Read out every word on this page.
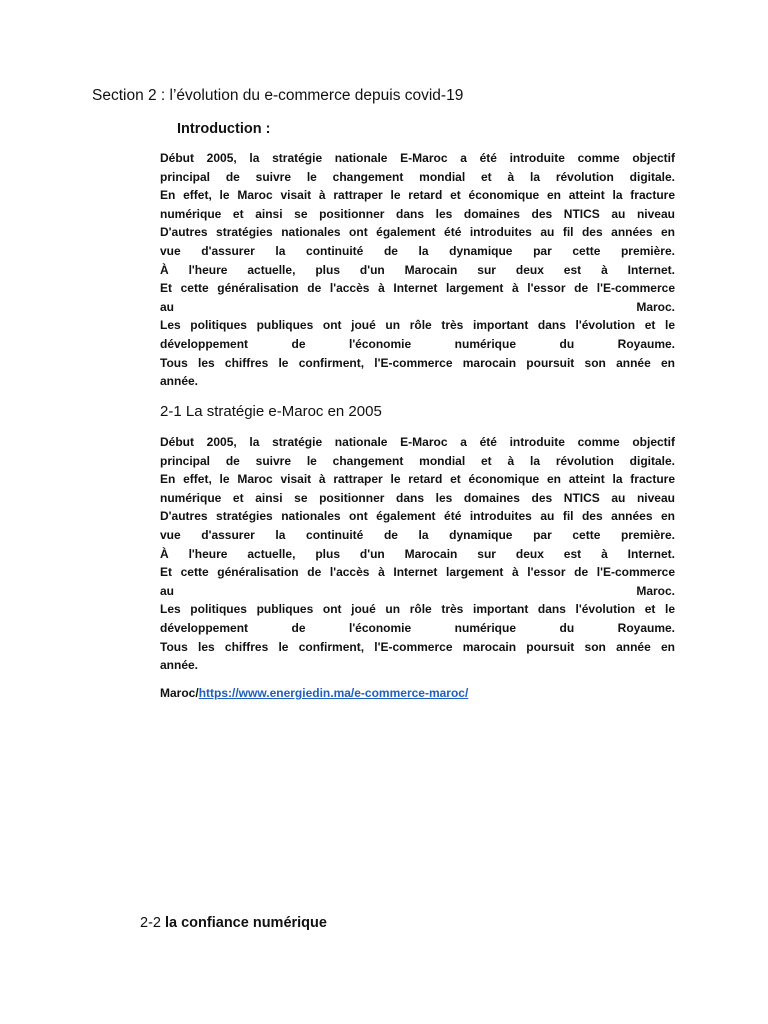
Section 2 : l’évolution du e-commerce depuis covid-19
Introduction :

Début 2005, la stratégie nationale E-Maroc a été introduite comme objectif

principal de suivre le changement mondial et à la révolution digitale.

En effet, le Maroc visait à rattraper le retard et économique en atteint la fracture

numérique et ainsi se positionner dans les domaines des NTICS au niveau

D'autres stratégies nationales ont également été introduites au fil des années en

vue d'assurer la continuité de la dynamique par cette première.

À l'heure actuelle, plus d'un Marocain sur deux est à Internet.

Et cette généralisation de l'accès à Internet largement à l'essor de l'E-commerce

au Maroc.

Les politiques publiques ont joué un rôle très important dans l'évolution et le

développement de l'économie numérique du Royaume.

Tous les chiffres le confirment, l'E-commerce marocain poursuit son année en

année.

2-1 La stratégie e-Maroc en 2005

Début 2005, la stratégie nationale E-Maroc a été introduite comme objectif

principal de suivre le changement mondial et à la révolution digitale.

En effet, le Maroc visait à rattraper le retard et économique en atteint la fracture

numérique et ainsi se positionner dans les domaines des NTICS au niveau

D'autres stratégies nationales ont également été introduites au fil des années en

vue d'assurer la continuité de la dynamique par cette première.

À l'heure actuelle, plus d'un Marocain sur deux est à Internet.

Et cette généralisation de l'accès à Internet largement à l'essor de l'E-commerce

au Maroc.

Les politiques publiques ont joué un rôle très important dans l'évolution et le

développement de l'économie numérique du Royaume.

Tous les chiffres le confirment, l'E-commerce marocain poursuit son année en

année.

Maroc/https://www.energiedin.ma/e-commerce-maroc/
2-2 la confiance numérique
